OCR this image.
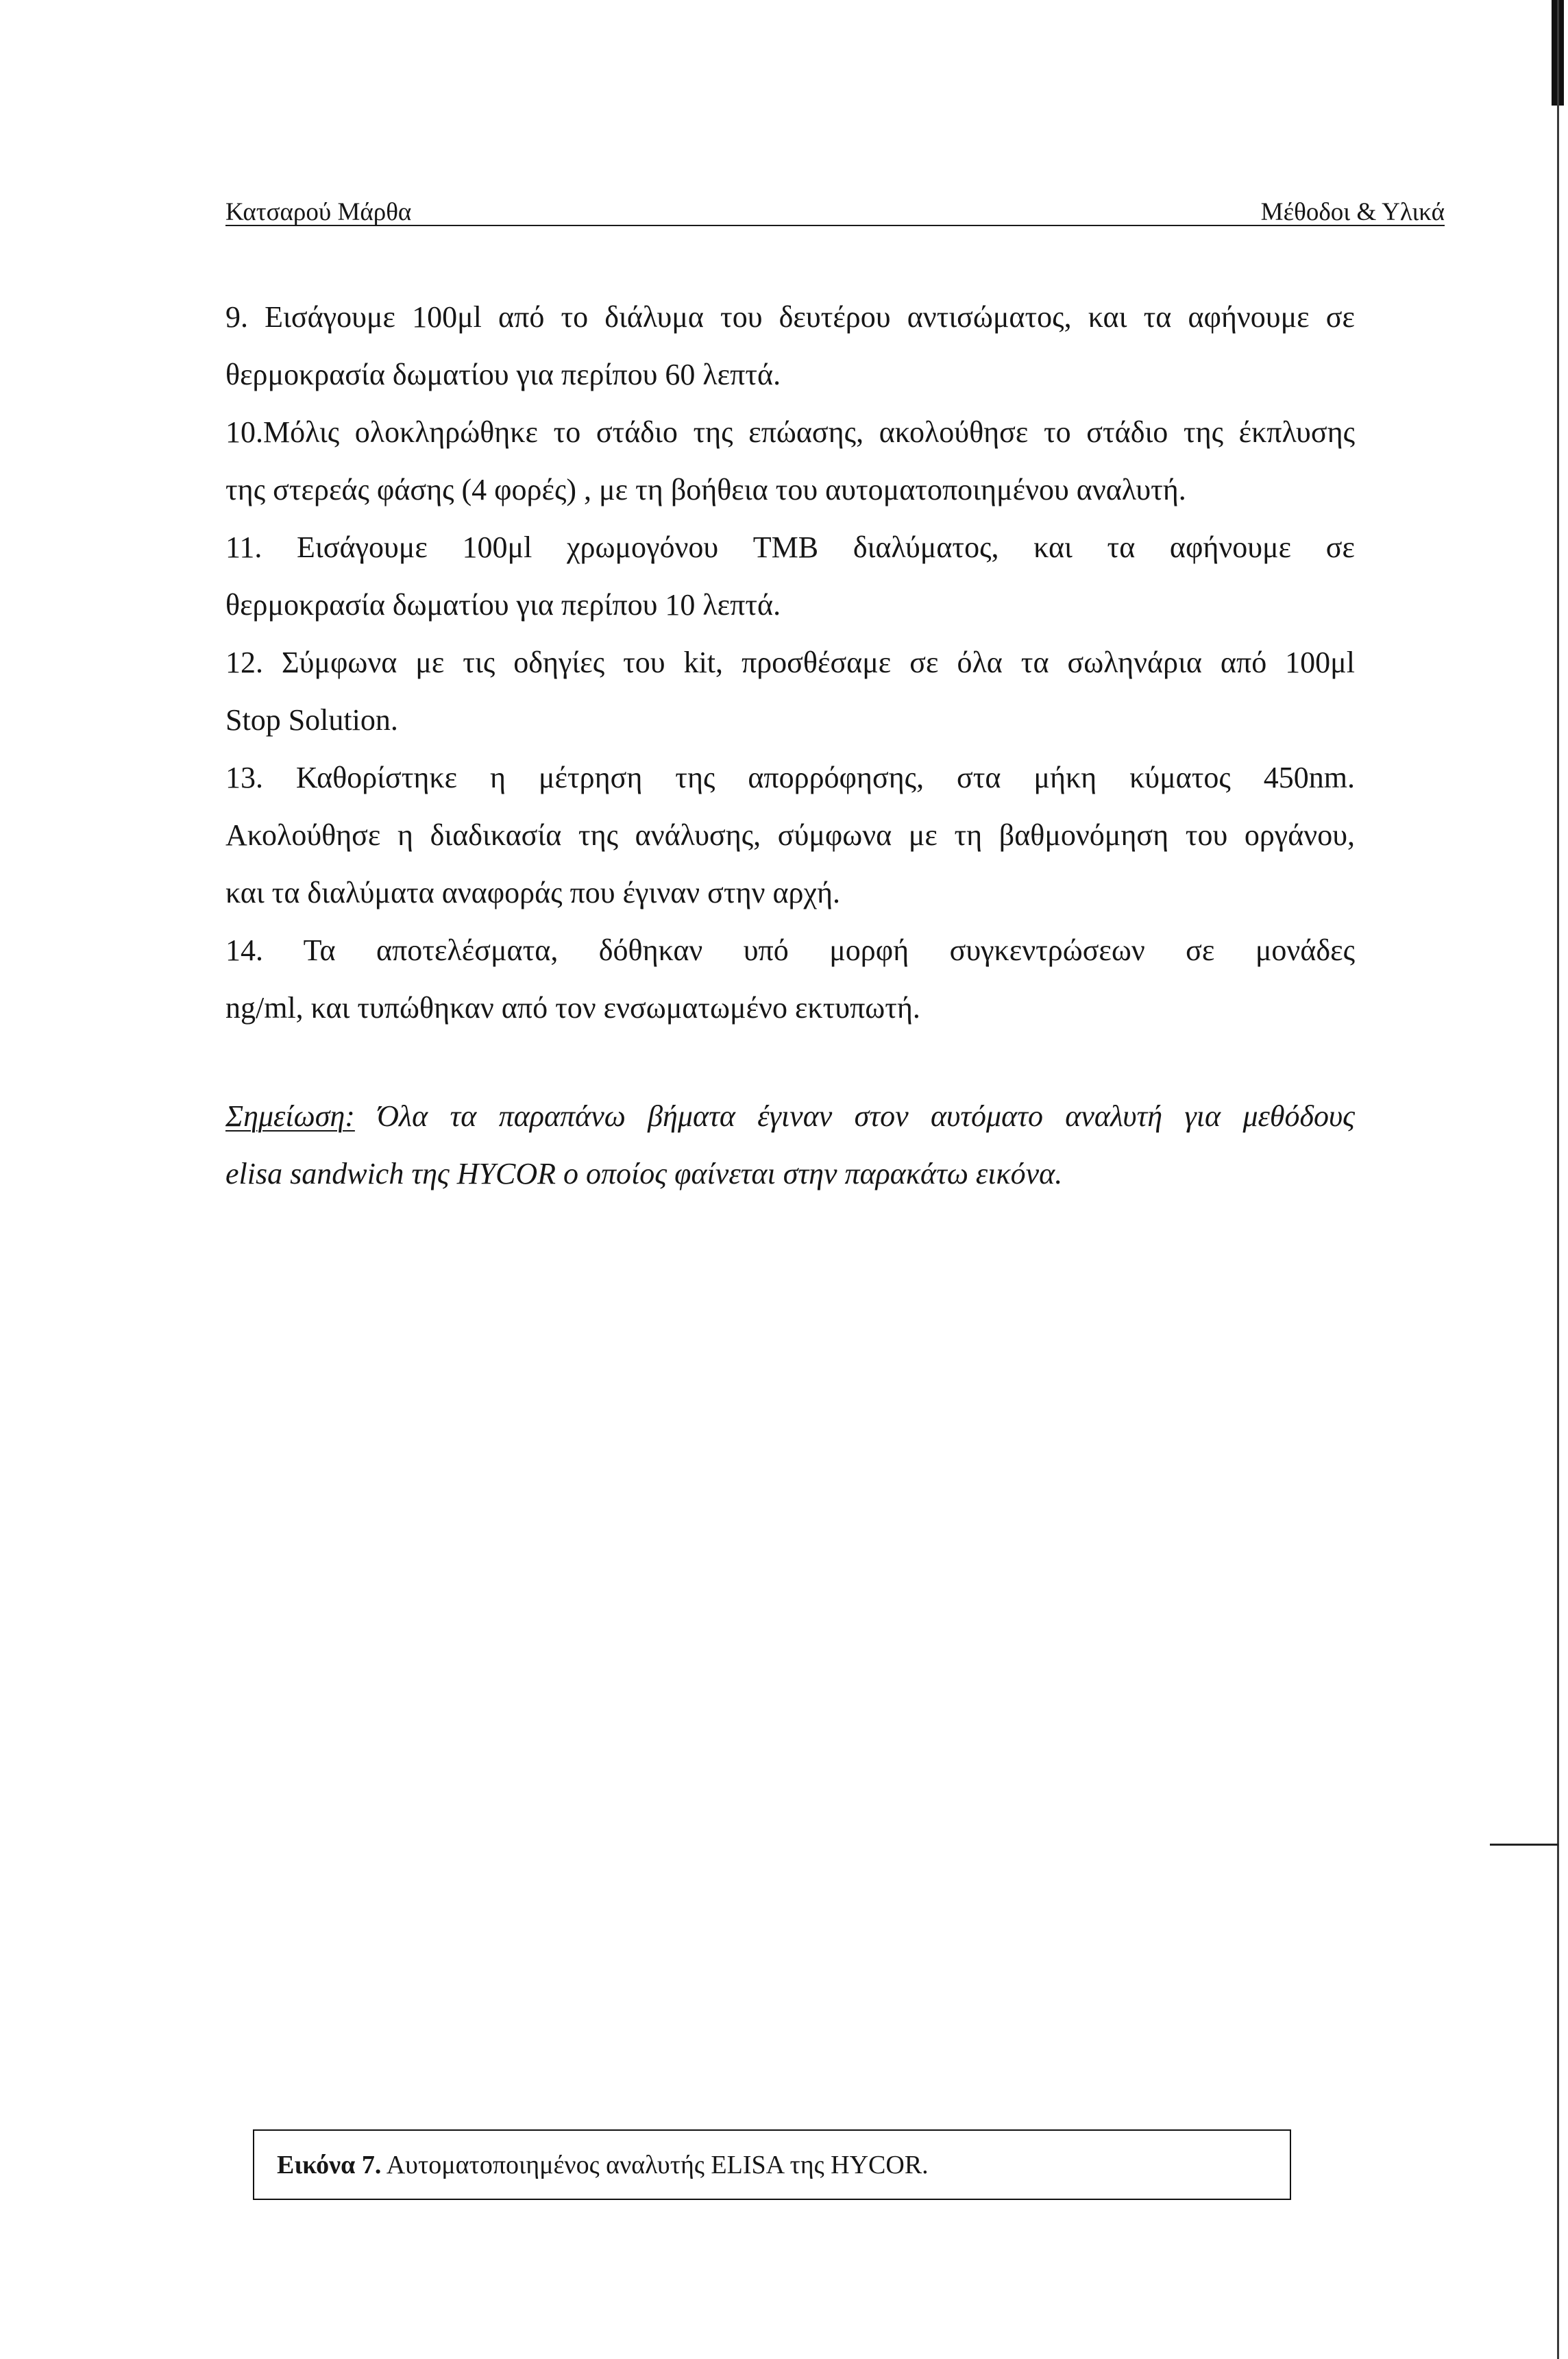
Κατσαρού Μάρθα	Μέθοδοι & Υλικά
9. Εισάγουμε 100μl από το διάλυμα του δευτέρου αντισώματος, και τα αφήνουμε σε
θερμοκρασία δωματίου για περίπου 60 λεπτά.
10.Μόλις ολοκληρώθηκε το στάδιο της επώασης, ακολούθησε το στάδιο της έκπλυσης
της στερεάς φάσης (4 φορές) , με τη βοήθεια του αυτοματοποιημένου αναλυτή.
11. Εισάγουμε 100μl χρωμογόνου TMB διαλύματος, και τα αφήνουμε σε
θερμοκρασία δωματίου για περίπου 10 λεπτά.
12. Σύμφωνα με τις οδηγίες του kit, προσθέσαμε σε όλα τα σωληνάρια από 100μl
Stop Solution.
13. Καθορίστηκε η μέτρηση της απορρόφησης, στα μήκη κύματος 450nm.
Ακολούθησε η διαδικασία της ανάλυσης, σύμφωνα με τη βαθμονόμηση του οργάνου,
και τα διαλύματα αναφοράς που έγιναν στην αρχή.
14. Τα αποτελέσματα, δόθηκαν υπό μορφή συγκεντρώσεων σε μονάδες
ng/ml, και τυπώθηκαν από τον ενσωματωμένο εκτυπωτή.
Σημείωση: Όλα τα παραπάνω βήματα έγιναν στον αυτόματο αναλυτή για μεθόδους
elisa sandwich της HYCOR ο οποίος φαίνεται στην παρακάτω εικόνα.
Εικόνα 7. Αυτοματοποιημένος αναλυτής ELISA της HYCOR.
